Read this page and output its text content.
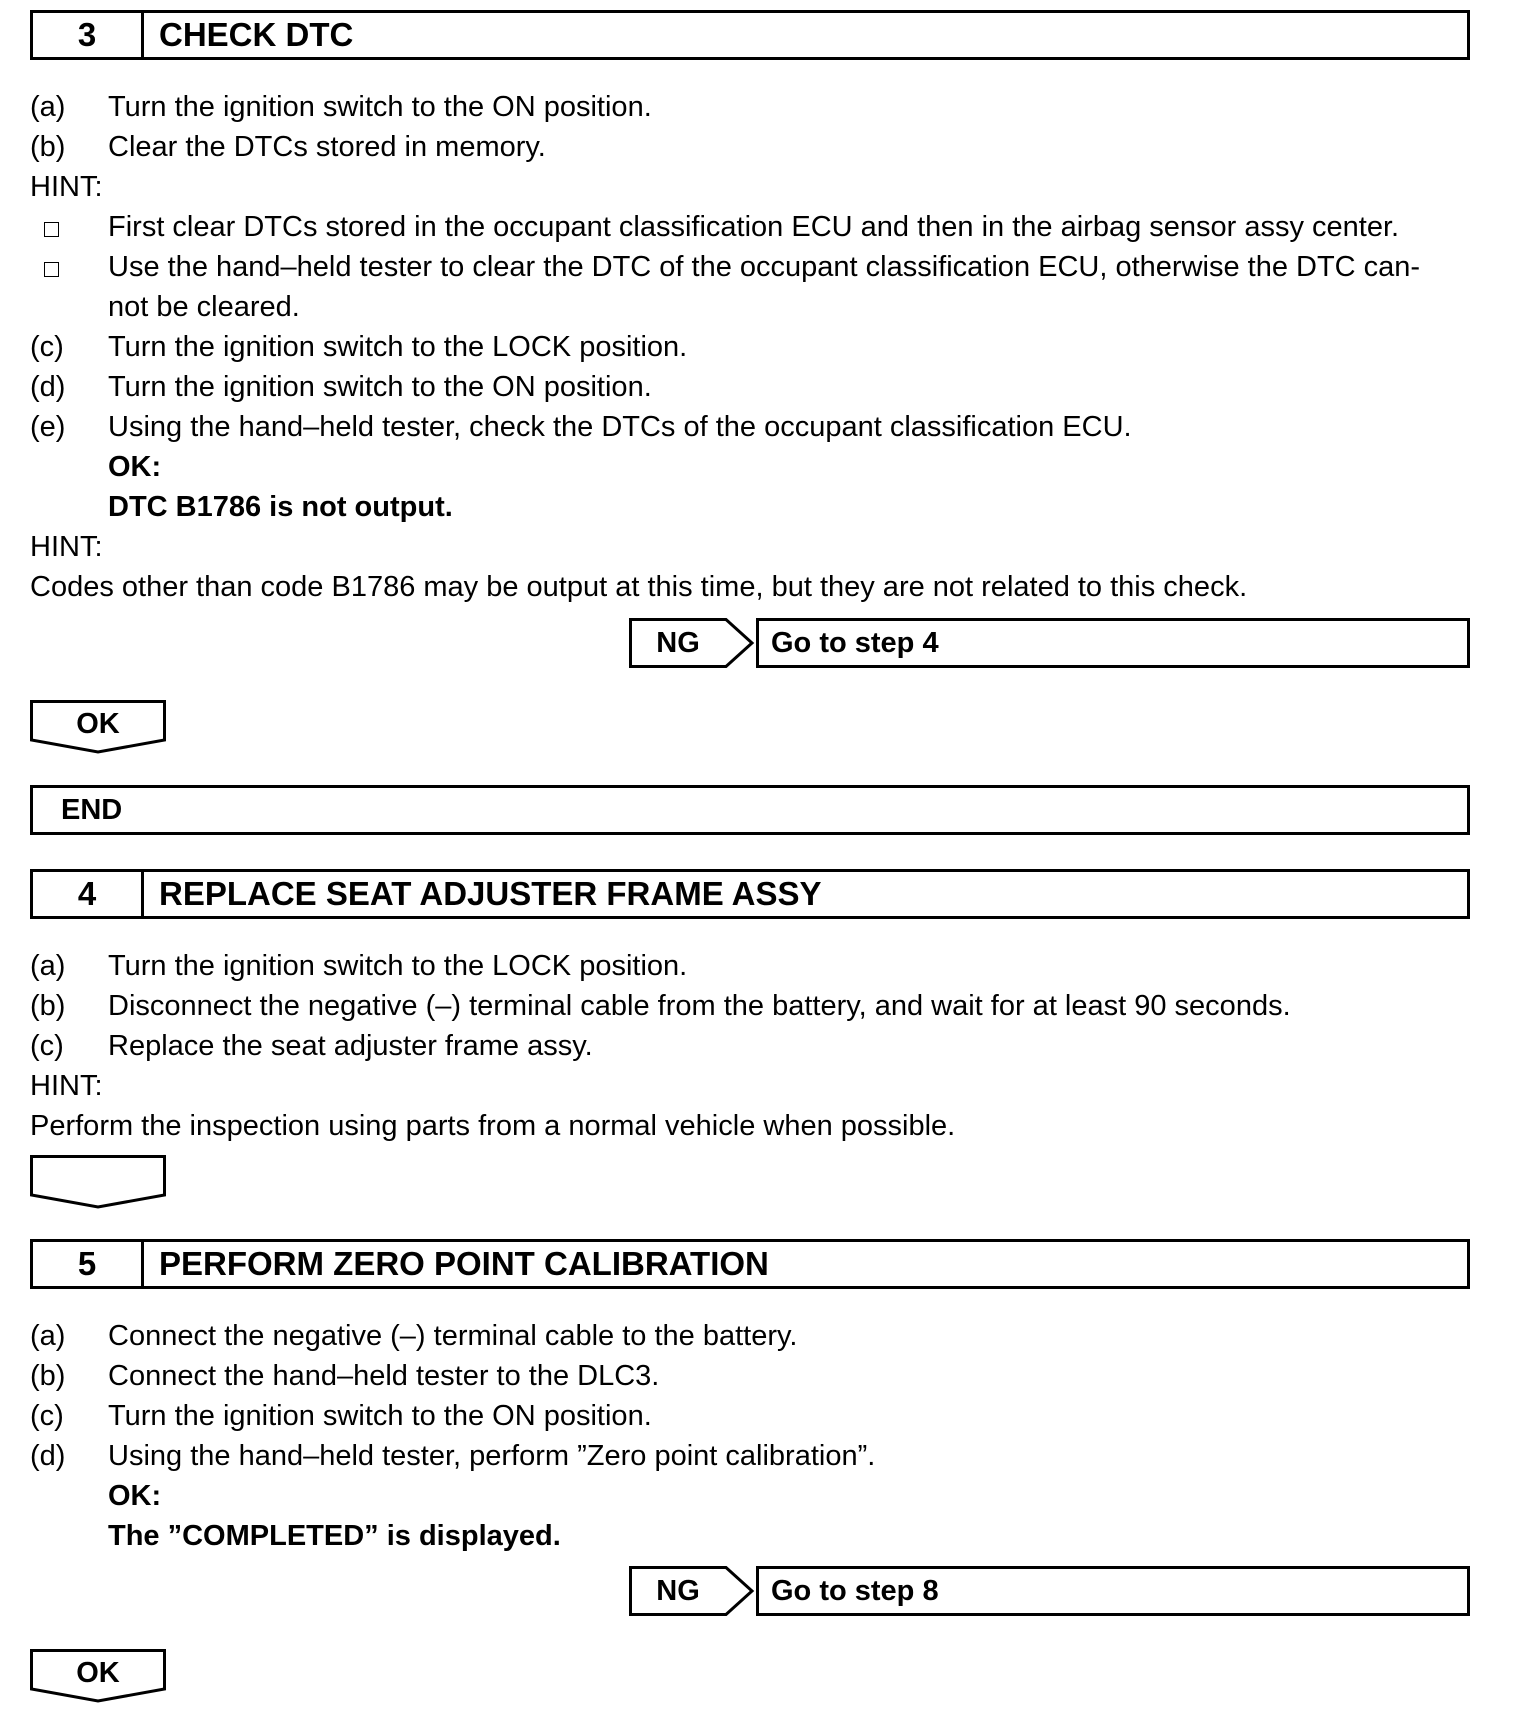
3	CHECK DTC
(a) Turn the ignition switch to the ON position.
(b) Clear the DTCs stored in memory.
HINT:
First clear DTCs stored in the occupant classification ECU and then in the airbag sensor assy center.
Use the hand–held tester to clear the DTC of the occupant classification ECU, otherwise the DTC can-
not be cleared.
(c) Turn the ignition switch to the LOCK position.
(d) Turn the ignition switch to the ON position.
(e) Using the hand–held tester, check the DTCs of the occupant classification ECU.
OK:
DTC B1786 is not output.
HINT:
Codes other than code B1786 may be output at this time, but they are not related to this check.
NG	Go to step 4
OK
END
4	REPLACE SEAT ADJUSTER FRAME ASSY
(a) Turn the ignition switch to the LOCK position.
(b) Disconnect the negative (–) terminal cable from the battery, and wait for at least 90 seconds.
(c) Replace the seat adjuster frame assy.
HINT:
Perform the inspection using parts from a normal vehicle when possible.
5	PERFORM ZERO POINT CALIBRATION
(a) Connect the negative (–) terminal cable to the battery.
(b) Connect the hand–held tester to the DLC3.
(c) Turn the ignition switch to the ON position.
(d) Using the hand–held tester, perform ”Zero point calibration”.
OK:
The ”COMPLETED” is displayed.
NG	Go to step 8
OK
